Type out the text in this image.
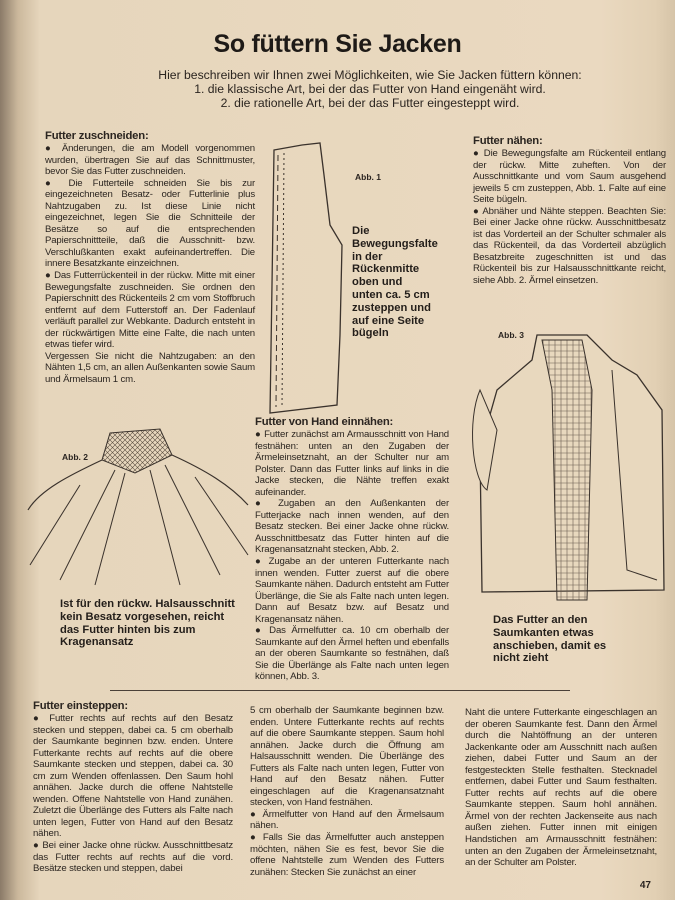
So füttern Sie Jacken
Hier beschreiben wir Ihnen zwei Möglichkeiten, wie Sie Jacken füttern können:
1. die klassische Art, bei der das Futter von Hand eingenäht wird.
2. die rationelle Art, bei der das Futter eingesteppt wird.
Futter zuschneiden:

● Änderungen, die am Modell vorgenommen wurden, übertragen Sie auf das Schnittmuster, bevor Sie das Futter zuschneiden.

● Die Futterteile schneiden Sie bis zur eingezeichneten Besatz- oder Futterlinie plus Nahtzugaben zu. Ist diese Linie nicht eingezeichnet, legen Sie die Schnitteile der Besätze so auf die entsprechenden Papierschnittteile, daß die Ausschnitt- bzw. Verschlußkanten exakt aufeinandertreffen. Die innere Besatzkante einzeichnen.

● Das Futterrückenteil in der rückw. Mitte mit einer Bewegungsfalte zuschneiden. Sie ordnen den Papierschnitt des Rückenteils 2 cm vom Stoffbruch entfernt auf dem Futterstoff an. Der Fadenlauf verläuft parallel zur Webkante. Dadurch entsteht in der rückwärtigen Mitte eine Falte, die nach unten etwas tiefer wird.

Vergessen Sie nicht die Nahtzugaben: an den Nähten 1,5 cm, an allen Außenkanten sowie Saum und Ärmelsaum 1 cm.

Futter nähen:

● Die Bewegungsfalte am Rückenteil entlang der rückw. Mitte zuheften. Von der Ausschnittkante und vom Saum ausgehend jeweils 5 cm zusteppen, Abb. 1. Falte auf eine Seite bügeln.

● Abnäher und Nähte steppen. Beachten Sie: Bei einer Jacke ohne rückw. Ausschnittbesatz ist das Vorderteil an der Schulter schmaler als das Rückenteil, da das Vorderteil abzüglich Besatzbreite zugeschnitten ist und das Rückenteil bis zur Halsausschnittkante reicht, siehe Abb. 2. Ärmel einsetzen.

Abb. 1
Die Bewegungsfalte in der Rückenmitte oben und unten ca. 5 cm zusteppen und auf eine Seite bügeln	Abb. 3
Das Futter an den Saumkanten etwas anschieben, damit es nicht zieht
Abb. 2
Ist für den rückw. Halsausschnitt kein Besatz vorgesehen, reicht das Futter hinten bis zum Kragenansatz
Futter von Hand einnähen:

● Futter zunächst am Armausschnitt von Hand festnähen: unten an den Zugaben der Ärmeleinsetznaht, an der Schulter nur am Polster. Dann das Futter links auf links in die Jacke stecken, die Nähte treffen exakt aufeinander.

● Zugaben an den Außenkanten der Futterjacke nach innen wenden, auf den Besatz stecken. Bei einer Jacke ohne rückw. Ausschnittbesatz das Futter hinten auf die Kragenansatznaht stecken, Abb. 2.

● Zugabe an der unteren Futterkante nach innen wenden. Futter zuerst auf die obere Saumkante nähen. Dadurch entsteht am Futter Überlänge, die Sie als Falte nach unten legen. Dann auf Besatz bzw. auf Besatz und Kragenansatz nähen.

● Das Ärmelfutter ca. 10 cm oberhalb der Saumkante auf den Ärmel heften und ebenfalls an der oberen Saumkante so festnähen, daß Sie die Überlänge als Falte nach unten legen können, Abb. 3.

Futter einsteppen:

● Futter rechts auf rechts auf den Besatz stecken und steppen, dabei ca. 5 cm oberhalb der Saumkante beginnen bzw. enden. Untere Futterkante rechts auf rechts auf die obere Saumkante stecken und steppen, dabei ca. 30 cm zum Wenden offenlassen. Den Saum hohl annähen. Jacke durch die offene Nahtstelle wenden. Offene Nahtstelle von Hand zunähen. Zuletzt die Überlänge des Futters als Falte nach unten legen, Futter von Hand auf den Besatz nähen.

● Bei einer Jacke ohne rückw. Ausschnittbesatz das Futter rechts auf rechts auf die vord. Besätze stecken und steppen, dabei

5 cm oberhalb der Saumkante beginnen bzw. enden. Untere Futterkante rechts auf rechts auf die obere Saumkante steppen. Saum hohl annähen. Jacke durch die Öffnung am Halsausschnitt wenden. Die Überlänge des Futters als Falte nach unten legen, Futter von Hand auf den Besatz nähen. Futter eingeschlagen auf die Kragenansatznaht stecken, von Hand festnähen.

● Ärmelfutter von Hand auf den Ärmelsaum nähen.

● Falls Sie das Ärmelfutter auch ansteppen möchten, nähen Sie es fest, bevor Sie die offene Nahtstelle zum Wenden des Futters zunähen: Stecken Sie zunächst an einer

Naht die untere Futterkante eingeschlagen an der oberen Saumkante fest. Dann den Ärmel durch die Nahtöffnung an der unteren Jackenkante oder am Ausschnitt nach außen ziehen, dabei Futter und Saum an der festgesteckten Stelle festhalten. Stecknadel entfernen, dabei Futter und Saum festhalten. Futter rechts auf rechts auf die obere Saumkante steppen. Saum hohl annähen. Ärmel von der rechten Jackenseite aus nach außen ziehen. Futter innen mit einigen Handstichen am Armausschnitt festnähen: unten an den Zugaben der Ärmeleinsetznaht, an der Schulter am Polster.

47
